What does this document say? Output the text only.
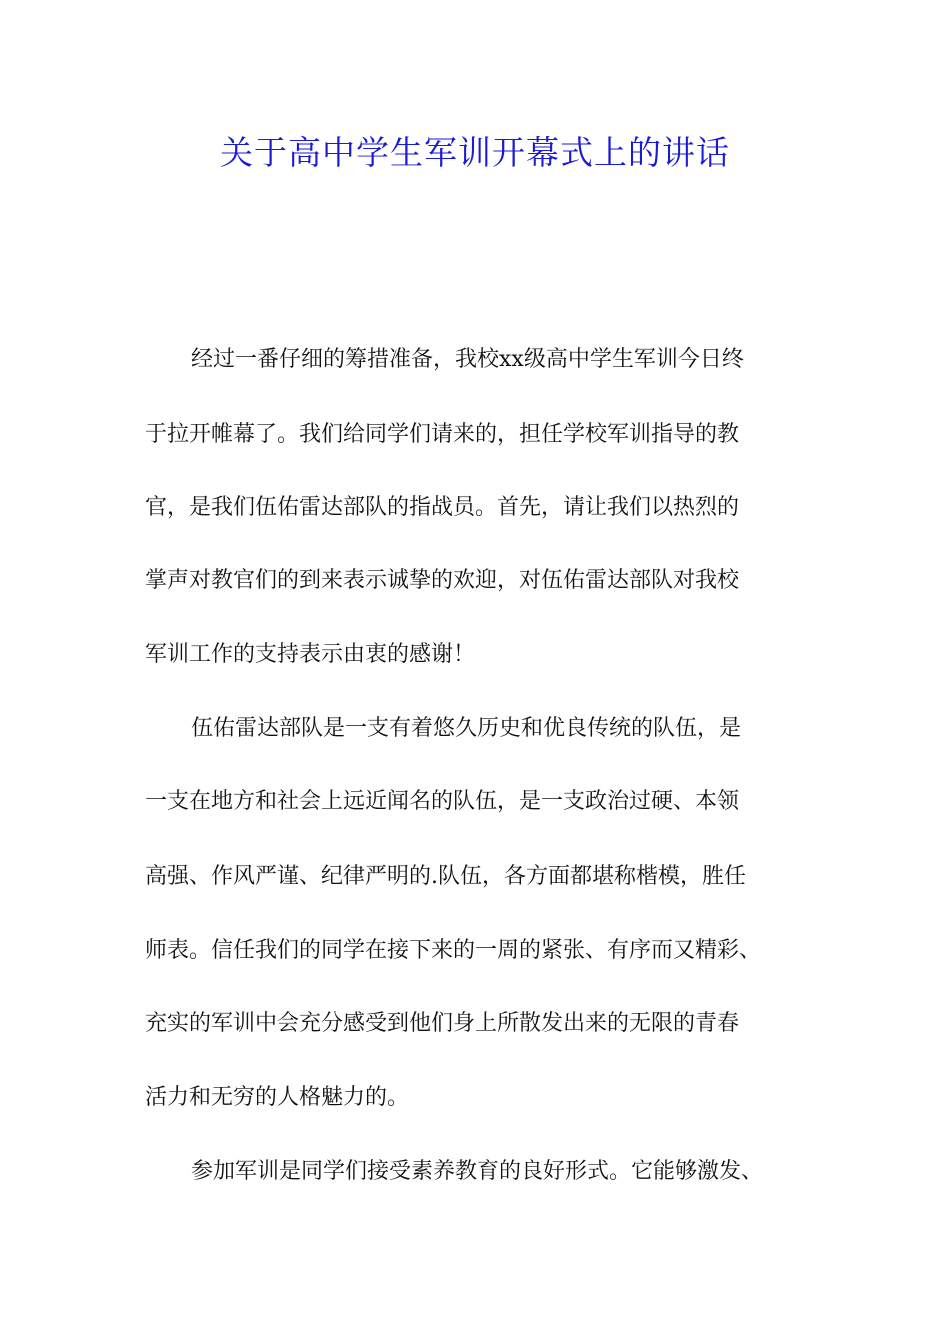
关于高中学生军训开幕式上的讲话

经过一番仔细的筹措准备，我校xx级高中学生军训今日终

于拉开帷幕了。我们给同学们请来的，担任学校军训指导的教

官，是我们伍佑雷达部队的指战员。首先，请让我们以热烈的

掌声对教官们的到来表示诚挚的欢迎，对伍佑雷达部队对我校

军训工作的支持表示由衷的感谢！

伍佑雷达部队是一支有着悠久历史和优良传统的队伍，是

一支在地方和社会上远近闻名的队伍，是一支政治过硬、本领

高强、作风严谨、纪律严明的.队伍，各方面都堪称楷模，胜任

师表。信任我们的同学在接下来的一周的紧张、有序而又精彩、

充实的军训中会充分感受到他们身上所散发出来的无限的青春

活力和无穷的人格魅力的。

参加军训是同学们接受素养教育的良好形式。它能够激发、
